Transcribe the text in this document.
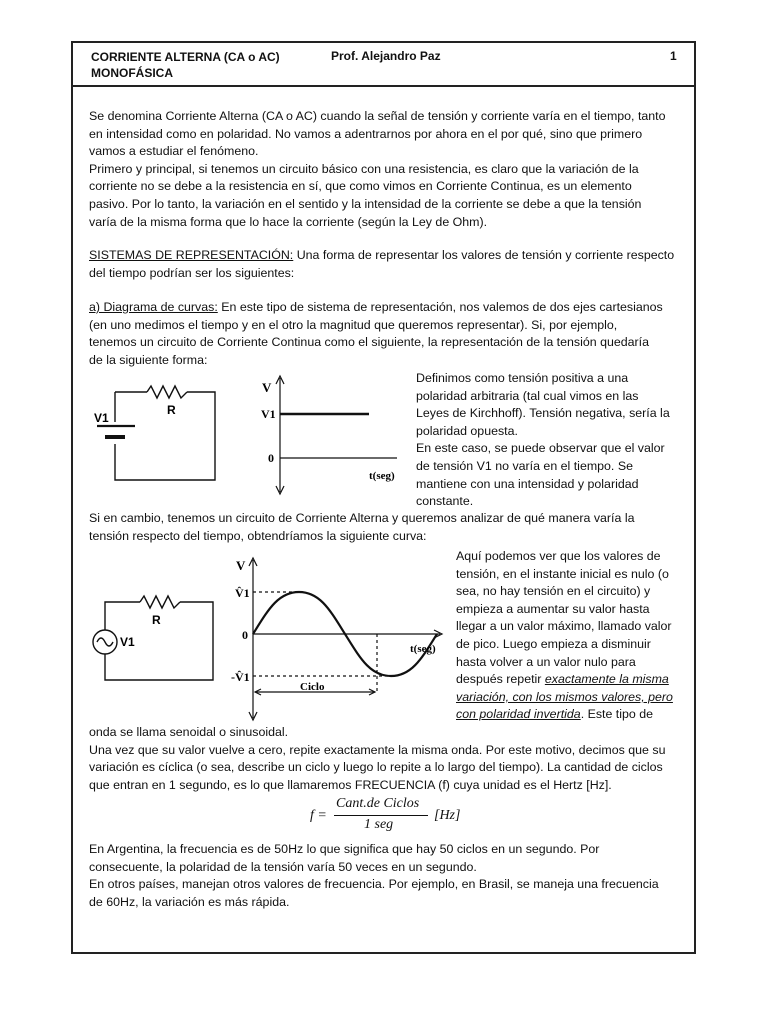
CORRIENTE ALTERNA (CA o AC)
MONOFÁSICA
Prof. Alejandro Paz	1
Se denomina Corriente Alterna (CA o AC) cuando la señal de tensión y corriente varía en el tiempo, tanto
en intensidad como en polaridad. No vamos a adentrarnos por ahora en el por qué, sino que primero
vamos a estudiar el fenómeno.
Primero y principal, si tenemos un circuito básico con una resistencia, es claro que la variación de la
corriente no se debe a la resistencia en sí, que como vimos en Corriente Continua, es un elemento
pasivo. Por lo tanto, la variación en el sentido y la intensidad de la corriente se debe a que la tensión
varía de la misma forma que lo hace la corriente (según la Ley de Ohm).
SISTEMAS DE REPRESENTACIÓN: Una forma de representar los valores de tensión y corriente respecto
del tiempo podrían ser los siguientes:
a) Diagrama de curvas: En este tipo de sistema de representación, nos valemos de dos ejes cartesianos
(en uno medimos el tiempo y en el otro la magnitud que queremos representar). Si, por ejemplo,
tenemos un circuito de Corriente Continua como el siguiente, la representación de la tensión quedaría
de la siguiente forma:
V1
R
V
V1
0
t(seg)
Definimos como tensión positiva a una
polaridad arbitraria (tal cual vimos en las
Leyes de Kirchhoff). Tensión negativa, sería la
polaridad opuesta.
En este caso, se puede observar que el valor
de tensión V1 no varía en el tiempo. Se
mantiene con una intensidad y polaridad
constante.
Si en cambio, tenemos un circuito de Corriente Alterna y queremos analizar de qué manera varía la
tensión respecto del tiempo, obtendríamos la siguiente curva:
V1
R
V
V̂1
0
-V̂1
t(seg)
Ciclo
Aquí podemos ver que los valores de
tensión, en el instante inicial es nulo (o
sea, no hay tensión en el circuito) y
empieza a aumentar su valor hasta
llegar a un valor máximo, llamado valor
de pico. Luego empieza a disminuir
hasta volver a un valor nulo para
después repetir exactamente la misma
variación, con los mismos valores, pero
con polaridad invertida. Este tipo de
onda se llama senoidal o sinusoidal.
Una vez que su valor vuelve a cero, repite exactamente la misma onda. Por este motivo, decimos que su
variación es cíclica (o sea, describe un ciclo y luego lo repite a lo largo del tiempo). La cantidad de ciclos
que entran en 1 segundo, es lo que llamaremos FRECUENCIA (f) cuya unidad es el Hertz [Hz].
f =
Cant.de Ciclos
1 seg
[Hz]
En Argentina, la frecuencia es de 50Hz lo que significa que hay 50 ciclos en un segundo. Por
consecuente, la polaridad de la tensión varía 50 veces en un segundo.
En otros países, manejan otros valores de frecuencia. Por ejemplo, en Brasil, se maneja una frecuencia
de 60Hz, la variación es más rápida.
